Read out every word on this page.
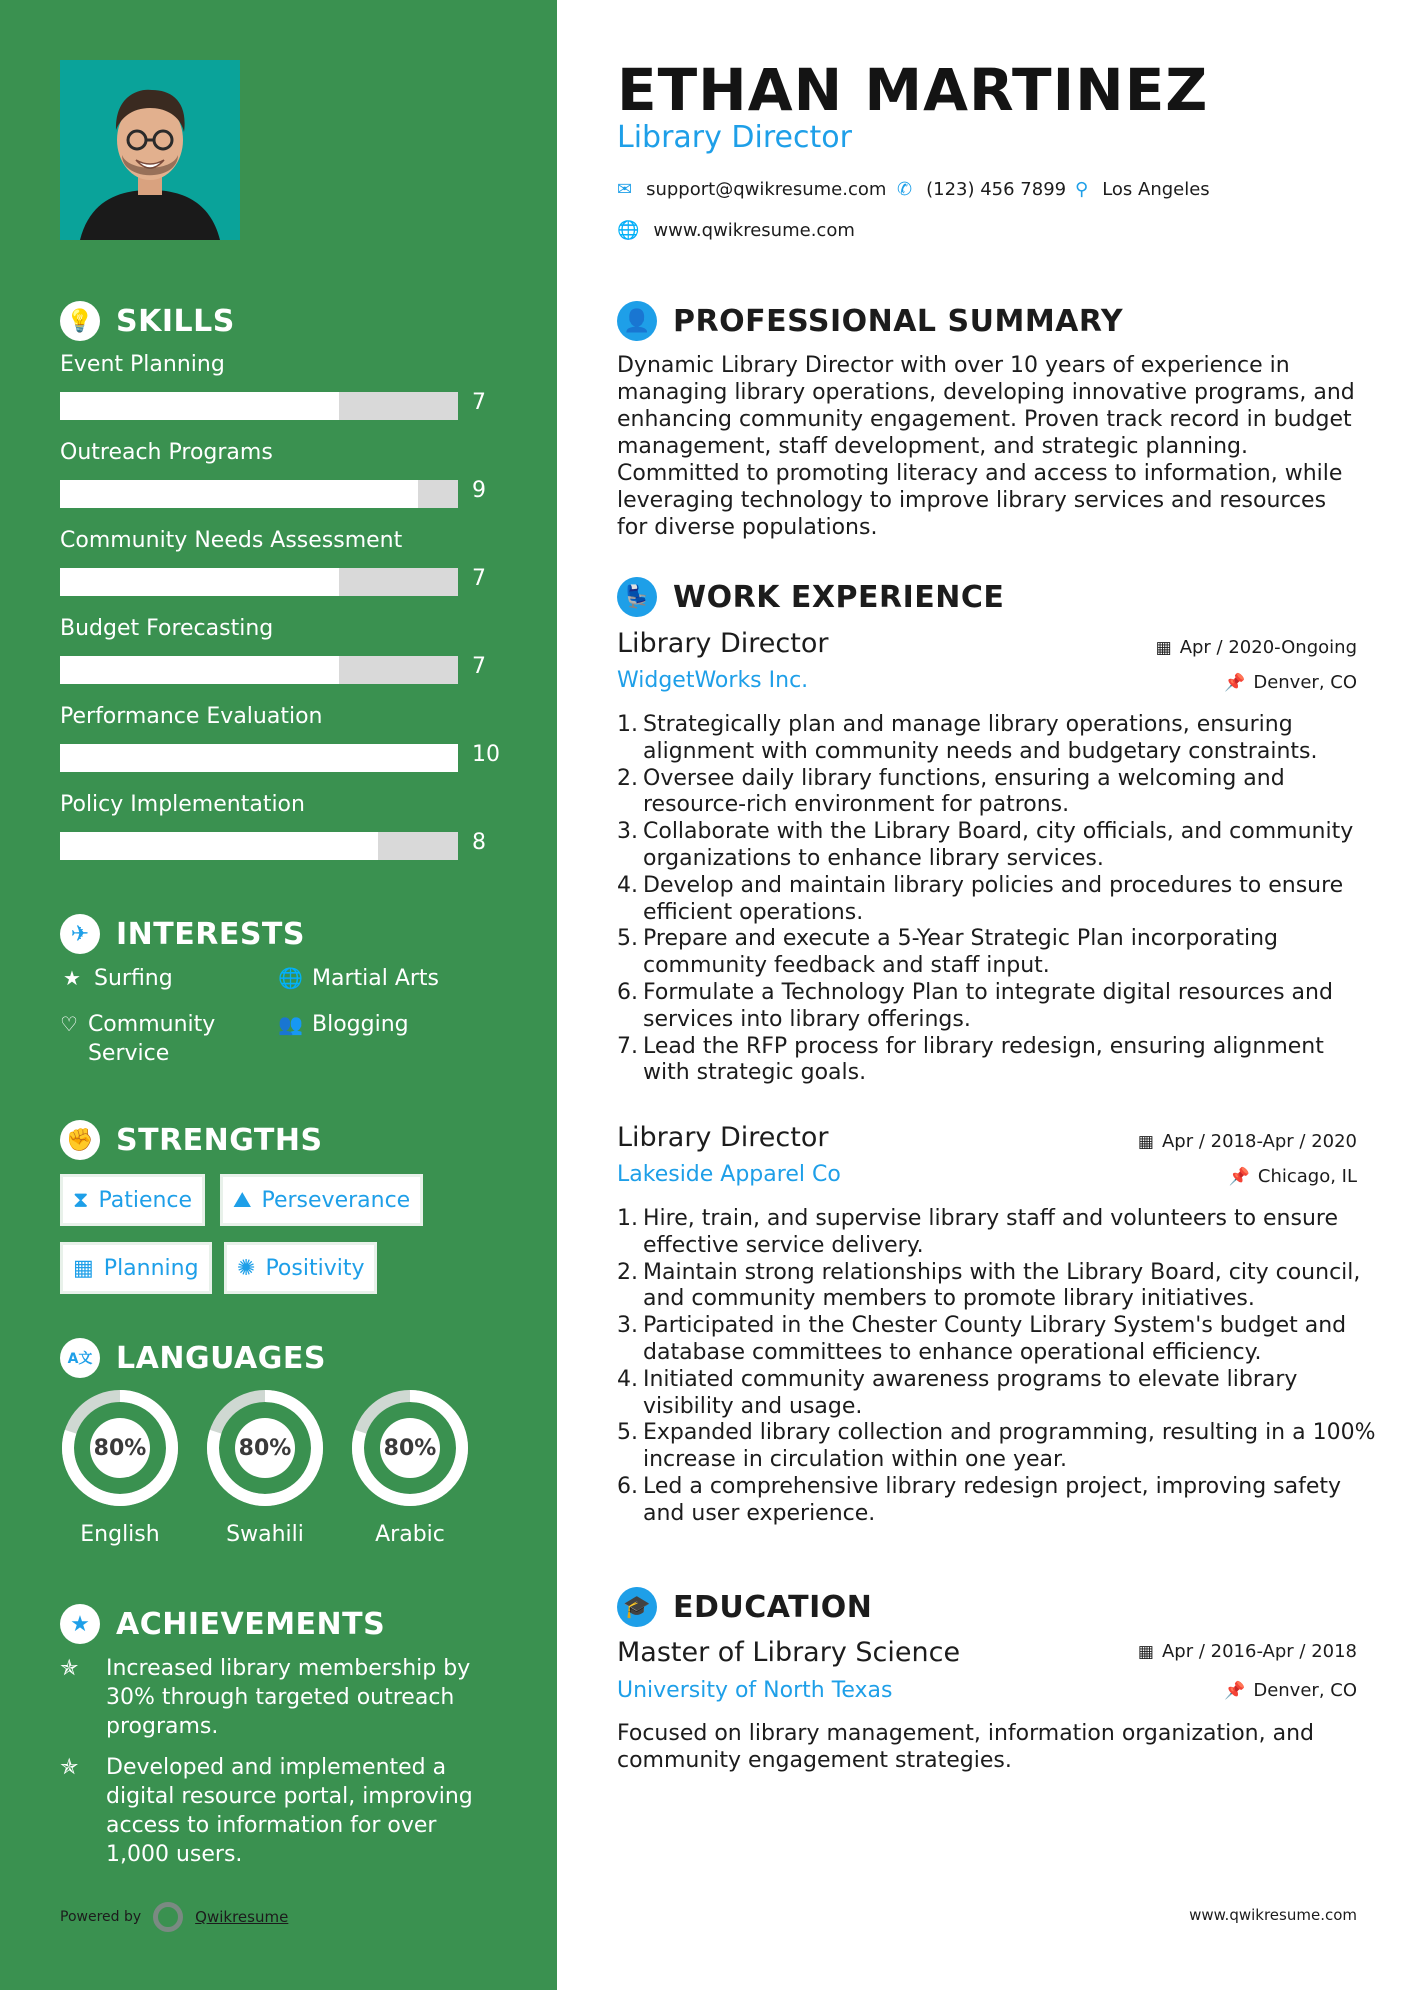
💡 SKILLS
Event Planning
7
Outreach Programs
9
Community Needs Assessment
7
Budget Forecasting
7
Performance Evaluation
10
Policy Implementation
8
✈ INTERESTS
★ Surfing	🌐 Martial Arts
♡ Community Service
👥 Blogging
✊ STRENGTHS
⧗ Patience ⛰ Perseverance
▦ Planning ✺ Positivity
A文 LANGUAGES
80%
English
80%
Swahili
80%
Arabic
★ ACHIEVEMENTS
✯	Increased library membership by 30% through targeted outreach programs.
✯	Developed and implemented a digital resource portal, improving access to information for over 1,000 users.
Powered by	Qwikresume
ETHAN MARTINEZ
Library Director
✉ support@qwikresume.com ✆ (123) 456 7899 ⚲ Los Angeles
🌐 www.qwikresume.com
👤 PROFESSIONAL SUMMARY
Dynamic Library Director with over 10 years of experience in managing library operations, developing innovative programs, and enhancing community engagement. Proven track record in budget management, staff development, and strategic planning. Committed to promoting literacy and access to information, while leveraging technology to improve library services and resources for diverse populations.
💺 WORK EXPERIENCE
Library Director
WidgetWorks Inc.
▦ Apr / 2020-Ongoing
📌 Denver, CO
1. Strategically plan and manage library operations, ensuring alignment with community needs and budgetary constraints.
2. Oversee daily library functions, ensuring a welcoming and resource-rich environment for patrons.
3. Collaborate with the Library Board, city officials, and community organizations to enhance library services.
4. Develop and maintain library policies and procedures to ensure efficient operations.
5. Prepare and execute a 5-Year Strategic Plan incorporating community feedback and staff input.
6. Formulate a Technology Plan to integrate digital resources and services into library offerings.
7. Lead the RFP process for library redesign, ensuring alignment with strategic goals.
Library Director
Lakeside Apparel Co
▦ Apr / 2018-Apr / 2020
📌 Chicago, IL
1. Hire, train, and supervise library staff and volunteers to ensure effective service delivery.
2. Maintain strong relationships with the Library Board, city council, and community members to promote library initiatives.
3. Participated in the Chester County Library System's budget and database committees to enhance operational efficiency.
4. Initiated community awareness programs to elevate library visibility and usage.
5. Expanded library collection and programming, resulting in a 100% increase in circulation within one year.
6. Led a comprehensive library redesign project, improving safety and user experience.
🎓 EDUCATION
Master of Library Science
University of North Texas
▦ Apr / 2016-Apr / 2018
📌 Denver, CO
Focused on library management, information organization, and community engagement strategies.
www.qwikresume.com
